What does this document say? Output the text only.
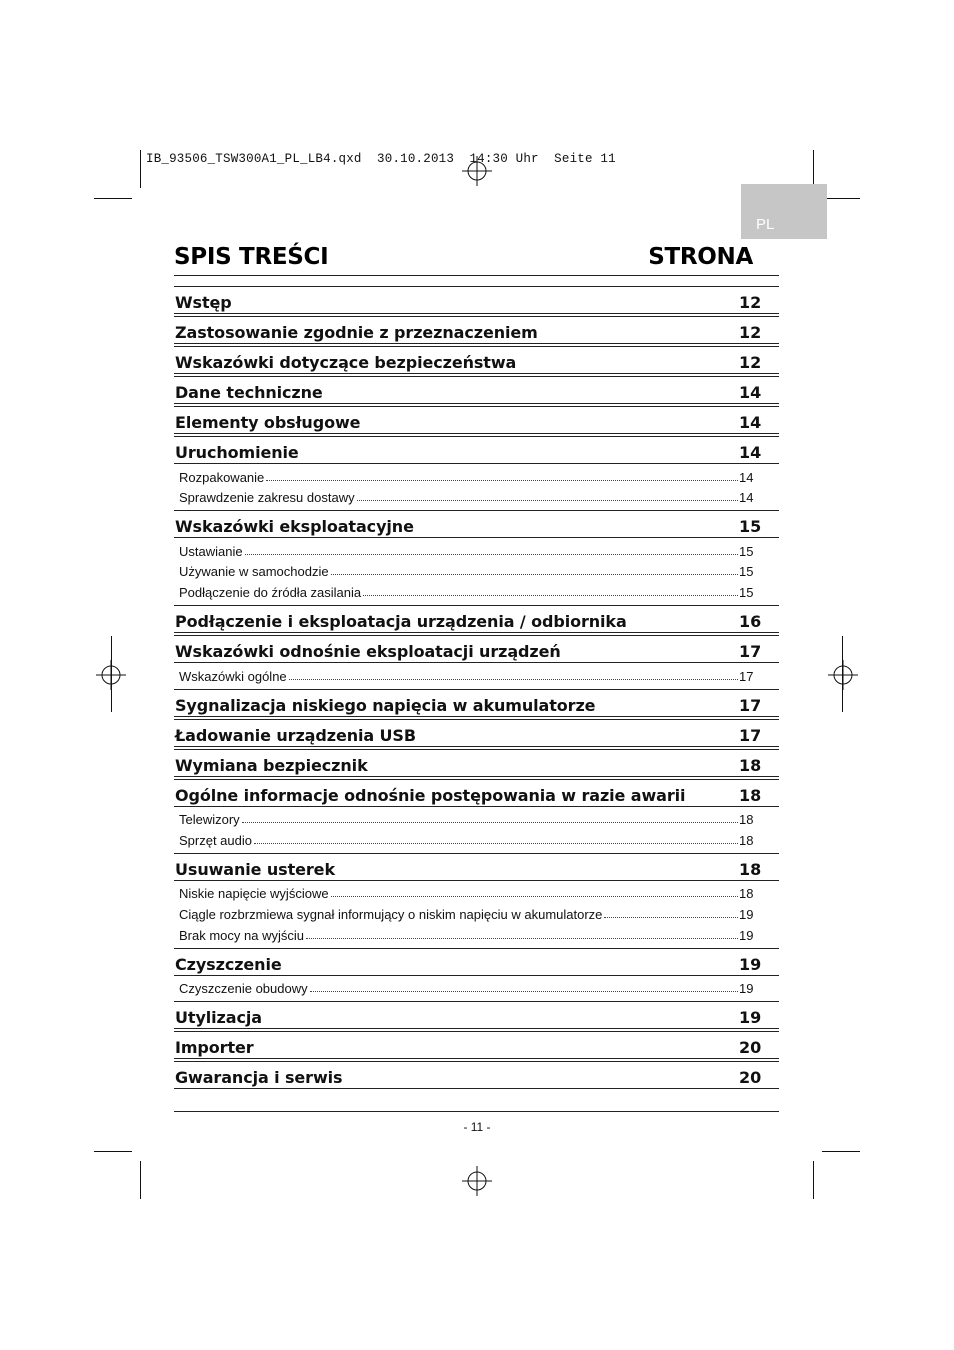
IB_93506_TSW300A1_PL_LB4.qxd  30.10.2013  14:30 Uhr  Seite 11
PL
SPIS TREŚCI	STRONA
Wstęp	12
Zastosowanie zgodnie z przeznaczeniem	12
Wskazówki dotyczące bezpieczeństwa	12
Dane techniczne	14
Elementy obsługowe	14
Uruchomienie	14
Rozpakowanie	14
Sprawdzenie zakresu dostawy	14
Wskazówki eksploatacyjne	15
Ustawianie	15
Używanie w samochodzie	15
Podłączenie do źródła zasilania	15
Podłączenie i eksploatacja urządzenia / odbiornika	16
Wskazówki odnośnie eksploatacji urządzeń	17
Wskazówki ogólne	17
Sygnalizacja niskiego napięcia w akumulatorze	17
Ładowanie urządzenia USB	17
Wymiana bezpiecznik	18
Ogólne informacje odnośnie postępowania w razie awarii	18
Telewizory	18
Sprzęt audio	18
Usuwanie usterek	18
Niskie napięcie wyjściowe	18
Ciągle rozbrzmiewa sygnał informujący o niskim napięciu w akumulatorze	19
Brak mocy na wyjściu	19
Czyszczenie	19
Czyszczenie obudowy	19
Utylizacja	19
Importer	20
Gwarancja i serwis	20
- 11 -
